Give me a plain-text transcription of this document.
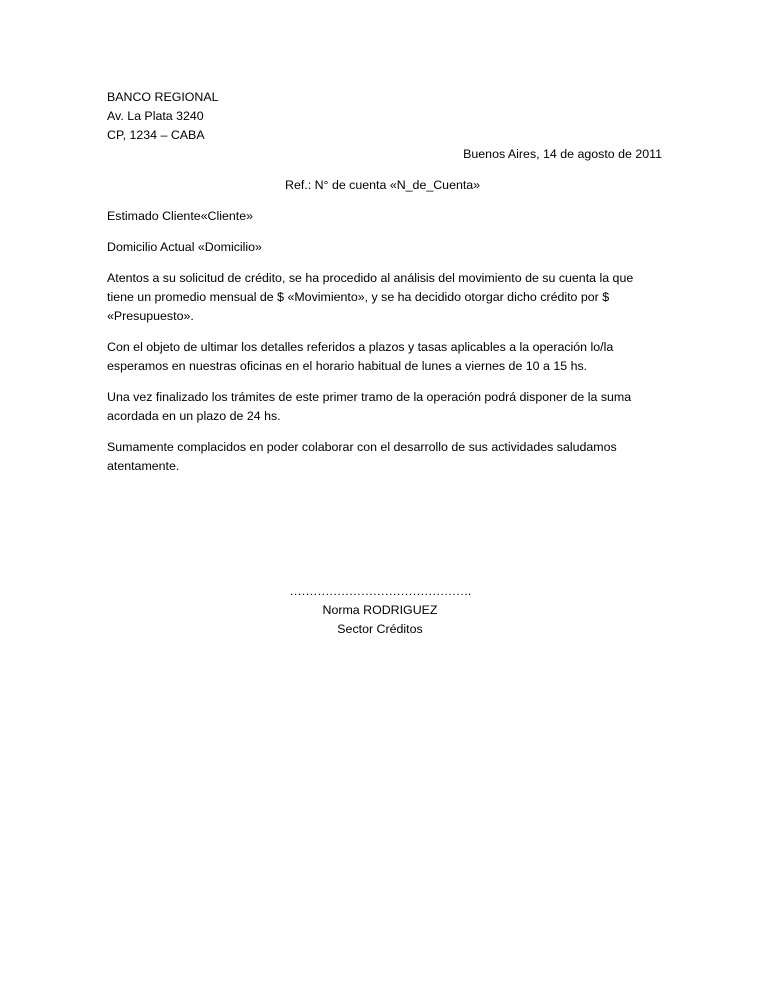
BANCO REGIONAL
Av. La Plata 3240
CP, 1234 – CABA
Buenos Aires, 14 de agosto de 2011
Ref.: N° de cuenta «N_de_Cuenta»

Estimado Cliente«Cliente»

Domicilio Actual «Domicilio»

Atentos a su solicitud de crédito, se ha procedido al análisis del movimiento de su cuenta la que tiene un promedio mensual de $ «Movimiento», y se ha decidido otorgar dicho crédito por $ «Presupuesto».

Con el objeto de ultimar los detalles referidos a plazos y tasas aplicables a la operación lo/la esperamos en nuestras oficinas en el horario habitual de lunes a viernes de 10 a 15 hs.

Una vez finalizado los trámites de este primer tramo de la operación podrá disponer de la suma acordada en un plazo de 24 hs.

Sumamente complacidos en poder colaborar con el desarrollo de sus actividades saludamos atentamente.

……………………………………….
Norma RODRIGUEZ
Sector Créditos
